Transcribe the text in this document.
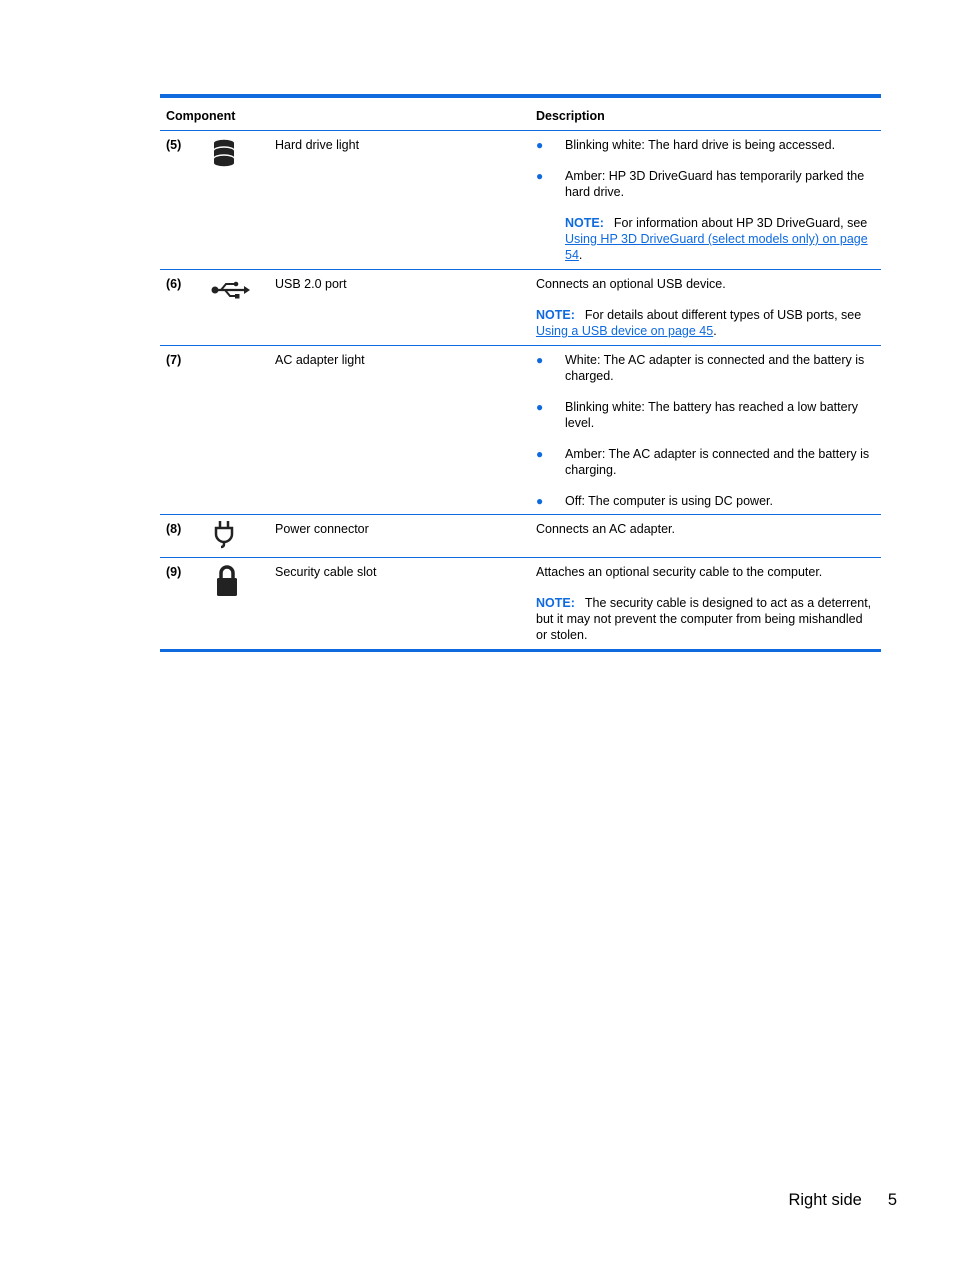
Component	Description
(5)	Hard drive light	● Blinking white: The hard drive is being accessed.
● Amber: HP 3D DriveGuard has temporarily parked the hard drive.
NOTE: For information about HP 3D DriveGuard, see Using HP 3D DriveGuard (select models only) on page 54.
(6)	USB 2.0 port	Connects an optional USB device.
NOTE: For details about different types of USB ports, see Using a USB device on page 45.
(7)	AC adapter light	● White: The AC adapter is connected and the battery is charged.
● Blinking white: The battery has reached a low battery level.
● Amber: The AC adapter is connected and the battery is charging.
● Off: The computer is using DC power.
(8)	Power connector	Connects an AC adapter.
(9)	Security cable slot	Attaches an optional security cable to the computer.
NOTE: The security cable is designed to act as a deterrent, but it may not prevent the computer from being mishandled or stolen.
Right side 5
